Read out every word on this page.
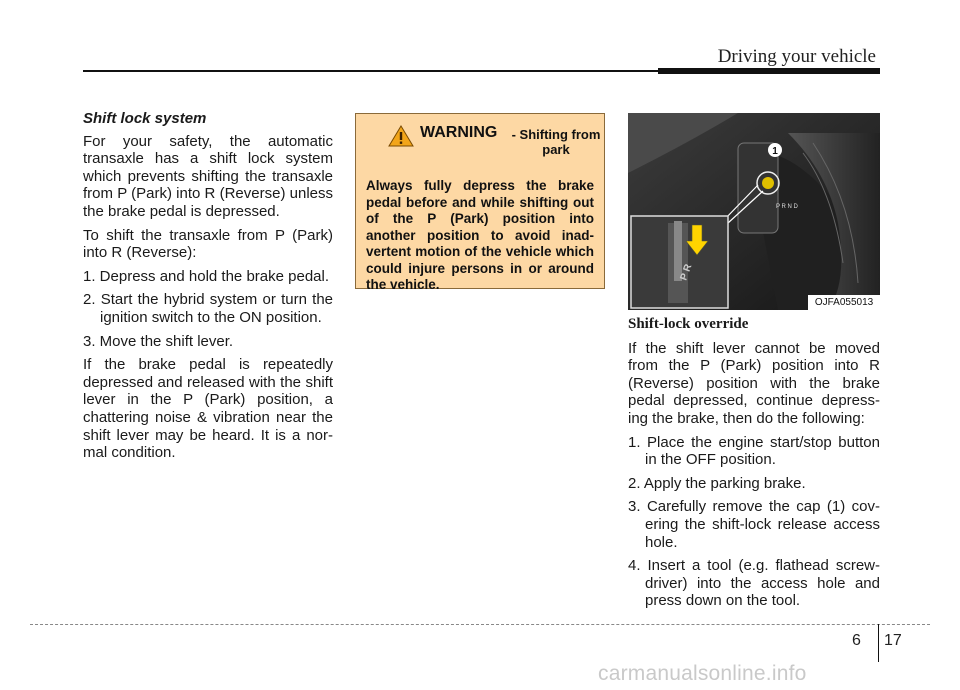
Driving your vehicle
Shift lock system

For your safety, the automatic transaxle has a shift lock system which prevents shifting the transaxle from P (Park) into R (Reverse) unless the brake pedal is depressed.

To shift the transaxle from P (Park) into R (Reverse):

1. Depress and hold the brake pedal.
2. Start the hybrid system or turn the ignition switch to the ON position.
3. Move the shift lever.

If the brake pedal is repeatedly depressed and released with the shift lever in the P (Park) position, a chattering noise & vibration near the shift lever may be heard. It is a nor-mal condition.

WARNING - Shifting from park

Always fully depress the brake pedal before and while shifting out of the P (Park) position into another position to avoid inad-vertent motion of the vehicle which could injure persons in or around the vehicle.

1
P R N D
P R
OJFA055013
Shift-lock override

If the shift lever cannot be moved from the P (Park) position into R (Reverse) position with the brake pedal depressed, continue depress-ing the brake, then do the following:

1. Place the engine start/stop button in the OFF position.
2. Apply the parking brake.
3. Carefully remove the cap (1) cov-ering the shift-lock release access hole.
4. Insert a tool (e.g. flathead screw-driver) into the access hole and press down on the tool.
6 17
carmanualsonline.info
